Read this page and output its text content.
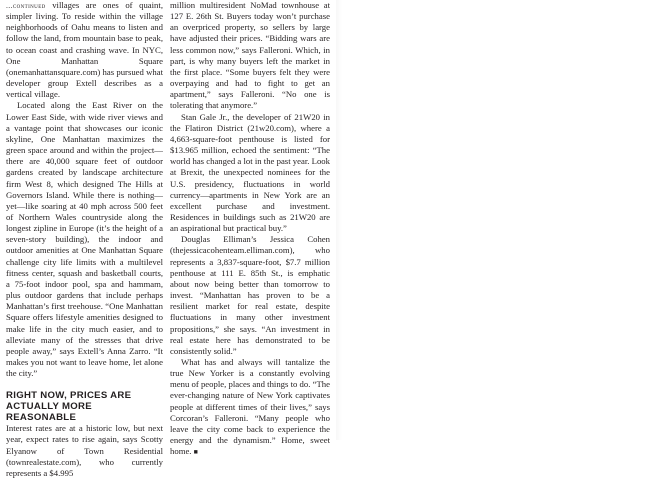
...continued villages are ones of quaint, simpler living. To reside within the village neighborhoods of Oahu means to listen and follow the land, from mountain base to peak, to ocean coast and crashing wave. In NYC, One Manhattan Square (onemanhattansquare.com) has pursued what developer group Extell describes as a vertical village.

Located along the East River on the Lower East Side, with wide river views and a vantage point that showcases our iconic skyline, One Manhattan maximizes the green space around and within the project—there are 40,000 square feet of outdoor gardens created by landscape architecture firm West 8, which designed The Hills at Governors Island. While there is nothing—yet—like soaring at 40 mph across 500 feet of Northern Wales countryside along the longest zipline in Europe (it’s the height of a seven-story building), the indoor and outdoor amenities at One Manhattan Square challenge city life limits with a multilevel fitness center, squash and basketball courts, a 75-foot indoor pool, spa and hammam, plus outdoor gardens that include perhaps Manhattan’s first treehouse. “One Manhattan Square offers lifestyle amenities designed to make life in the city much easier, and to alleviate many of the stresses that drive people away,” says Extell’s Anna Zarro. “It makes you not want to leave home, let alone the city.”

RIGHT NOW, PRICES ARE ACTUALLY MORE REASONABLE

Interest rates are at a historic low, but next year, expect rates to rise again, says Scotty Elyanow of Town Residential (townrealestate.com), who currently represents a $4.995

million multiresident NoMad townhouse at 127 E. 26th St. Buyers today won’t purchase an overpriced property, so sellers by large have adjusted their prices. “Bidding wars are less common now,” says Falleroni. Which, in part, is why many buyers left the market in the first place. “Some buyers felt they were overpaying and had to fight to get an apartment,” says Falleroni. “No one is tolerating that anymore.”

Stan Gale Jr., the developer of 21W20 in the Flatiron District (21w20.com), where a 4,663-square-foot penthouse is listed for $13.965 million, echoed the sentiment: “The world has changed a lot in the past year. Look at Brexit, the unexpected nominees for the U.S. presidency, fluctuations in world currency—apartments in New York are an excellent purchase and investment. Residences in buildings such as 21W20 are an aspirational but practical buy.”

Douglas Elliman’s Jessica Cohen (thejessicacohenteam.elliman.com), who represents a 3,837-square-foot, $7.7 million penthouse at 111 E. 85th St., is emphatic about now being better than tomorrow to invest. “Manhattan has proven to be a resilient market for real estate, despite fluctuations in many other investment propositions,” she says. “An investment in real estate here has demonstrated to be consistently solid.”

What has and always will tantalize the true New Yorker is a constantly evolving menu of people, places and things to do. “The ever-changing nature of New York captivates people at different times of their lives,” says Corcoran’s Falleroni. “Many people who leave the city come back to experience the energy and the dynamism.” Home, sweet home. ■
